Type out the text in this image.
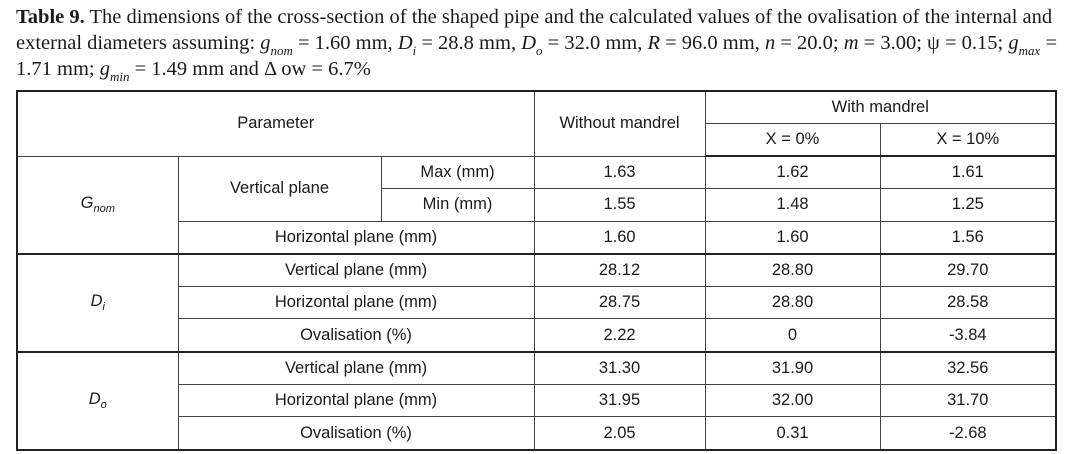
Table 9. The dimensions of the cross-section of the shaped pipe and the calculated values of the ovalisation of the internal and external diameters assuming: $g_{nom} = 1.60$ mm, $D_i = 28.8$ mm, $D_o = 32.0$ mm, R = 96.0 mm, n = 20.0; m = 3.00; ψ = 0.15; $g_{max} = 1.71$ mm; $g_{min} = 1.49$ mm and Δ ow = 6.7%
Parameter			Without mandrel	With mandrel	
				X = 0%	X = 10%
$G_{nom}$	Vertical plane	Max (mm)	1.63	1.62	1.61
		Min (mm)	1.55	1.48	1.25
	Horizontal plane (mm)		1.60	1.60	1.56
$D_i$	Vertical plane (mm)		28.12	28.80	29.70
	Horizontal plane (mm)		28.75	28.80	28.58
	Ovalisation (%)		2.22	0	-3.84
$D_o$	Vertical plane (mm)		31.30	31.90	32.56
	Horizontal plane (mm)		31.95	32.00	31.70
	Ovalisation (%)		2.05	0.31	-2.68
